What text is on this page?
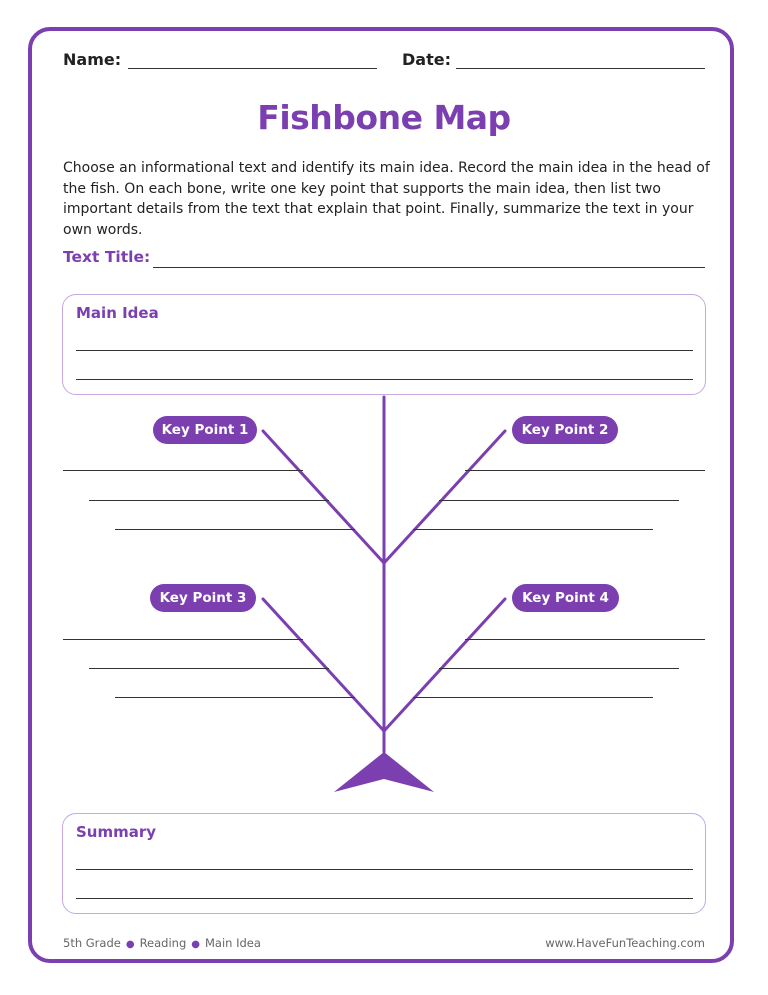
Name:	Date:
Fishbone Map

Choose an informational text and identify its main idea. Record the main idea in the head of the fish. On each bone, write one key point that supports the main idea, then list two important details from the text that explain that point. Finally, summarize the text in your own words.

Text Title:
Main Idea
Key Point 1	Key Point 2
Key Point 3	Key Point 4
Summary
5th Grade ● Reading ● Main Idea	www.HaveFunTeaching.com
